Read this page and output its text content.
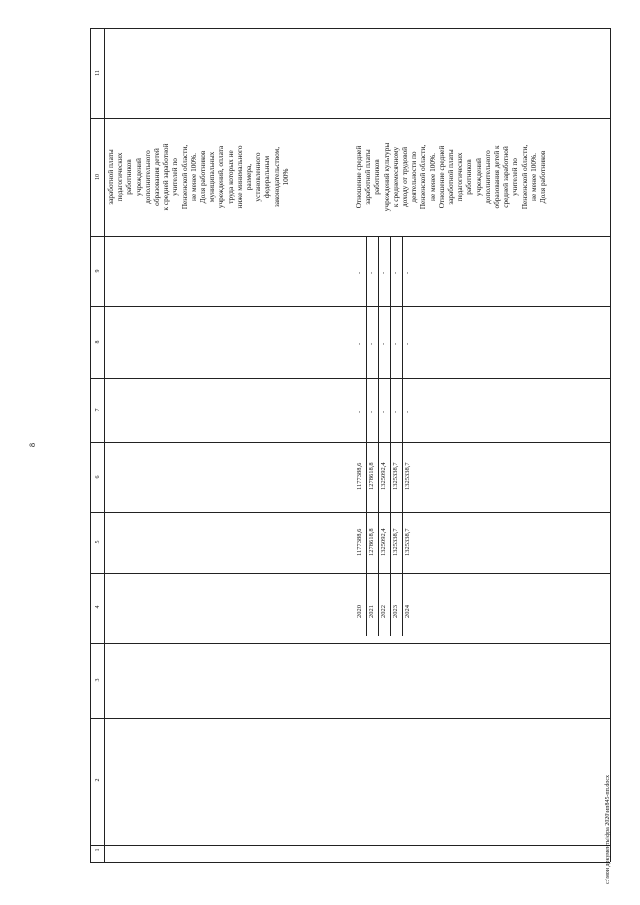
8
1
2
3
4
5
6
7
8
9
10
11
2020 2021 2022 2023 2024
1177388,6 1278618,8 1325092,4 1325338,7 1325338,7
1177388,6 1278618,8 1325092,4 1325338,7 1325338,7
- - - - -
- - - - -
- - - - -
заработной платы педагогических работников учреждений дополнительного образования детей к средней заработной учителей по Пензенской области, не менее 100%. Доля работников муниципальных учреждений, оплата труда которых не ниже минимального размера, установленного федеральным законодательством, 100%	Отношение средней заработной платы работников учреждений культуры к среднемесячному доходу от трудовой деятельности по Пензенской области, не менее 100%. Отношение средней заработной платы педагогических работников учреждений дополнительного образования детей к средней заработной учителей по Пензенской области, не менее 100%. Доля работников
c:\мои документы\фра 2020\ип845-пп.docx
